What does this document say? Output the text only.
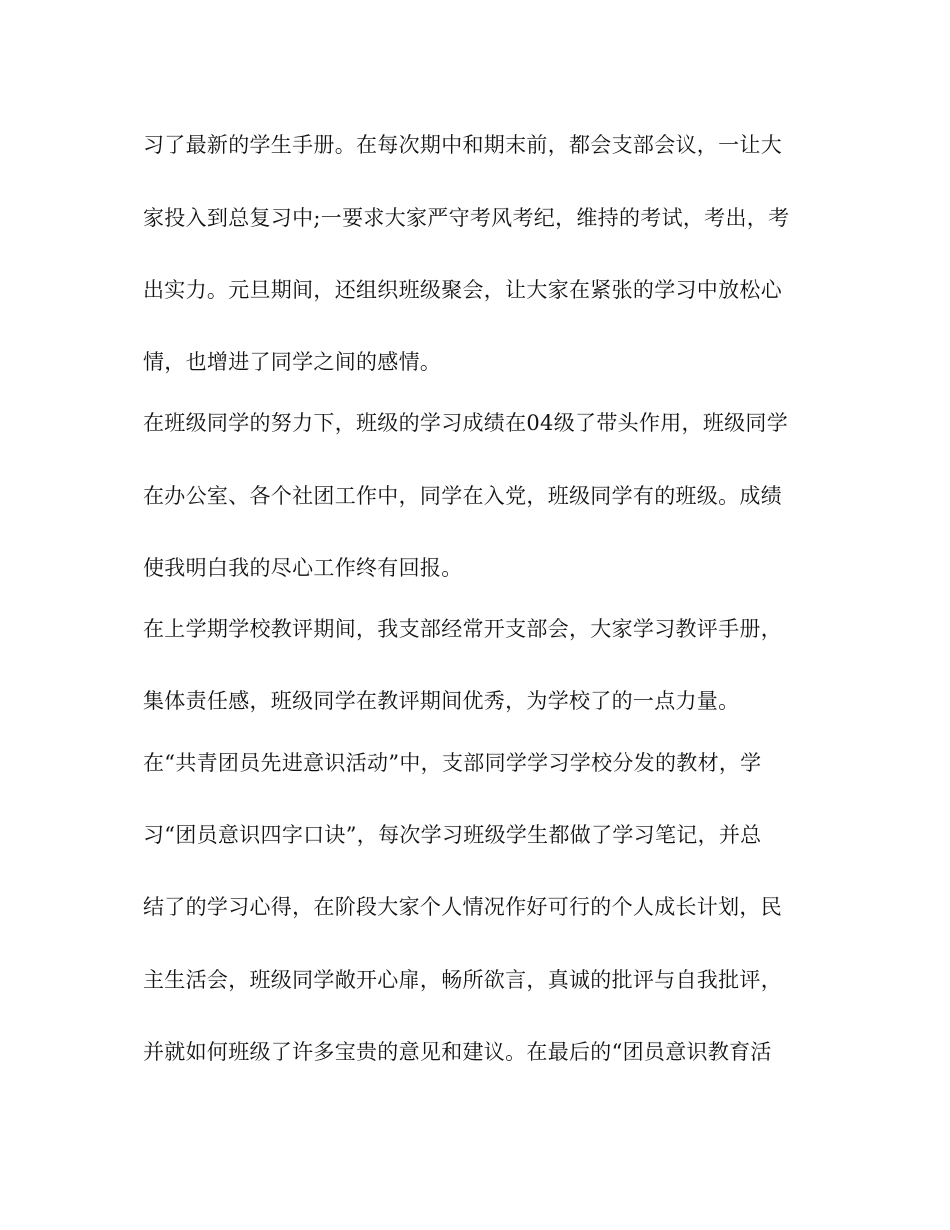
习了最新的学生手册。在每次期中和期末前，都会支部会议，一让大
家投入到总复习中;一要求大家严守考风考纪，维持的考试，考出，考
出实力。元旦期间，还组织班级聚会，让大家在紧张的学习中放松心
情，也增进了同学之间的感情。
在班级同学的努力下，班级的学习成绩在04级了带头作用，班级同学
在办公室、各个社团工作中，同学在入党，班级同学有的班级。成绩
使我明白我的尽心工作终有回报。
在上学期学校教评期间，我支部经常开支部会，大家学习教评手册，
集体责任感，班级同学在教评期间优秀，为学校了的一点力量。
在“共青团员先进意识活动”中，支部同学学习学校分发的教材，学
习“团员意识四字口诀”，每次学习班级学生都做了学习笔记，并总
结了的学习心得，在阶段大家个人情况作好可行的个人成长计划，民
主生活会，班级同学敞开心扉，畅所欲言，真诚的批评与自我批评，
并就如何班级了许多宝贵的意见和建议。在最后的“团员意识教育活
